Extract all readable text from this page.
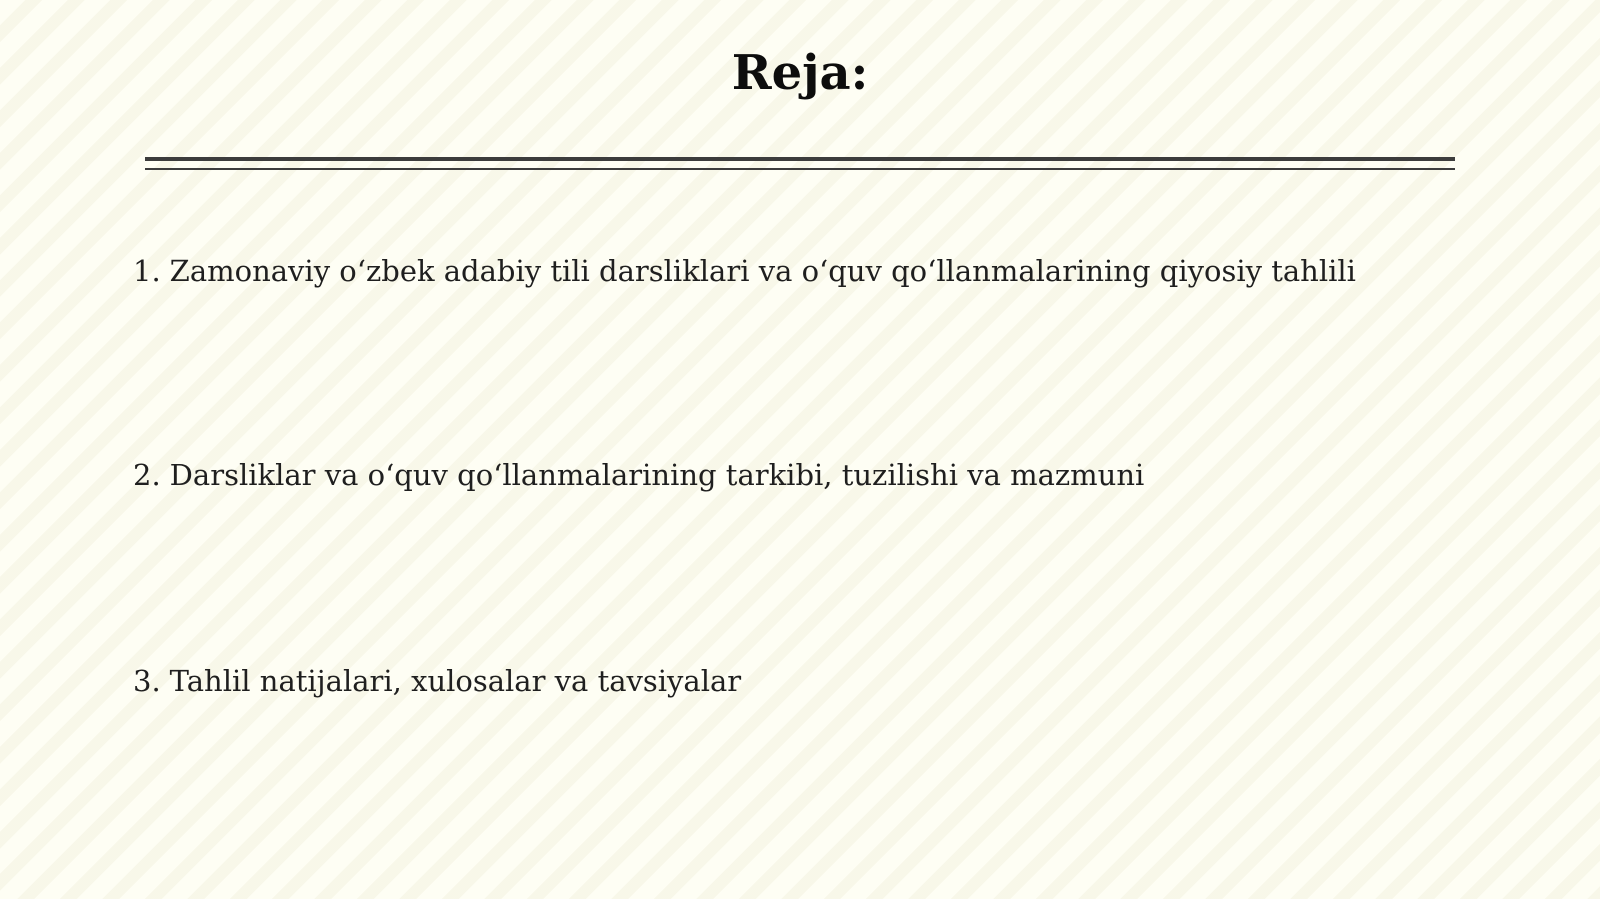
Reja:
1. Zamonaviy oʻzbek adabiy tili darsliklari va oʻquv qoʻllanmalarining qiyosiy tahlili
2. Darsliklar va oʻquv qoʻllanmalarining tarkibi, tuzilishi va mazmuni
3. Tahlil natijalari, xulosalar va tavsiyalar
